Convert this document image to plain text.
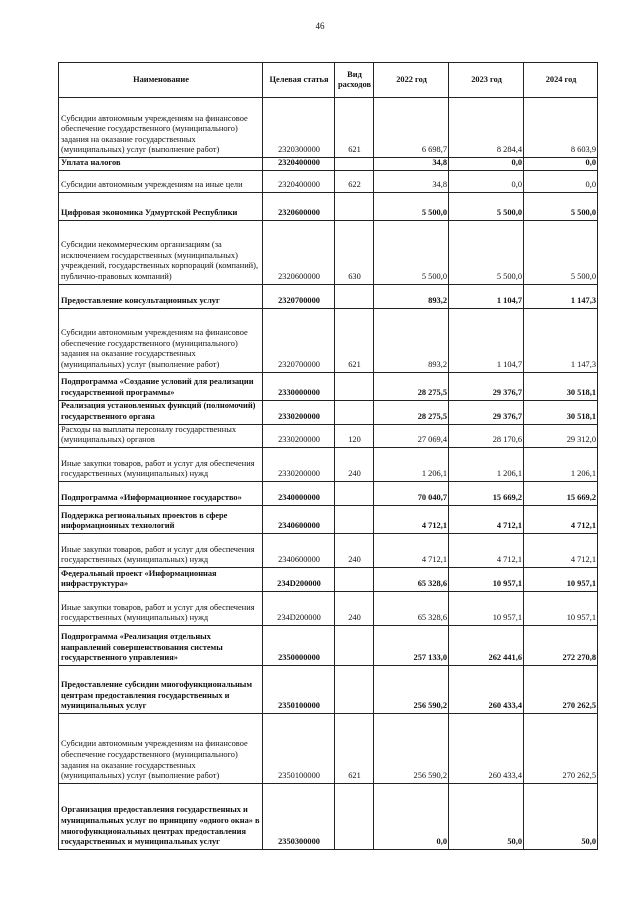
46
Наименование	Целевая статья	Вид расходов	2022 год	2023 год	2024 год
Субсидии автономным учреждениям на финансовое обеспечение государственного (муниципального) задания на оказание государственных (муниципальных) услуг (выполнение работ)	2320300000	621	6 698,7	8 284,4	8 603,9
Уплата налогов	2320400000		34,8	0,0	0,0
Субсидии автономным учреждениям на иные цели	2320400000	622	34,8	0,0	0,0
Цифровая экономика Удмуртской Республики	2320600000		5 500,0	5 500,0	5 500,0
Субсидии некоммерческим организациям (за исключением государственных (муниципальных) учреждений, государственных корпораций (компаний), публично-правовых компаний)	2320600000	630	5 500,0	5 500,0	5 500,0
Предоставление консультационных услуг	2320700000		893,2	1 104,7	1 147,3
Субсидии автономным учреждениям на финансовое обеспечение государственного (муниципального) задания на оказание государственных (муниципальных) услуг (выполнение работ)	2320700000	621	893,2	1 104,7	1 147,3
Подпрограмма «Создание условий для реализации государственной программы»	2330000000		28 275,5	29 376,7	30 518,1
Реализация установленных функций (полномочий) государственного органа	2330200000		28 275,5	29 376,7	30 518,1
Расходы на выплаты персоналу государственных (муниципальных) органов	2330200000	120	27 069,4	28 170,6	29 312,0
Иные закупки товаров, работ и услуг для обеспечения государственных (муниципальных) нужд	2330200000	240	1 206,1	1 206,1	1 206,1
Подпрограмма «Информационное государство»	2340000000		70 040,7	15 669,2	15 669,2
Поддержка региональных проектов в сфере информационных технологий	2340600000		4 712,1	4 712,1	4 712,1
Иные закупки товаров, работ и услуг для обеспечения государственных (муниципальных) нужд	2340600000	240	4 712,1	4 712,1	4 712,1
Федеральный проект «Информационная инфраструктура»	234D200000		65 328,6	10 957,1	10 957,1
Иные закупки товаров, работ и услуг для обеспечения государственных (муниципальных) нужд	234D200000	240	65 328,6	10 957,1	10 957,1
Подпрограмма «Реализация отдельных направлений совершенствования системы государственного управления»	2350000000		257 133,0	262 441,6	272 270,8
Предоставление субсидии многофункциональным центрам предоставления государственных и муниципальных услуг	2350100000		256 590,2	260 433,4	270 262,5
Субсидии автономным учреждениям на финансовое обеспечение государственного (муниципального) задания на оказание государственных (муниципальных) услуг (выполнение работ)	2350100000	621	256 590,2	260 433,4	270 262,5
Организация предоставления государственных и муниципальных услуг по принципу «одного окна» в многофункциональных центрах предоставления государственных и муниципальных услуг	2350300000		0,0	50,0	50,0
